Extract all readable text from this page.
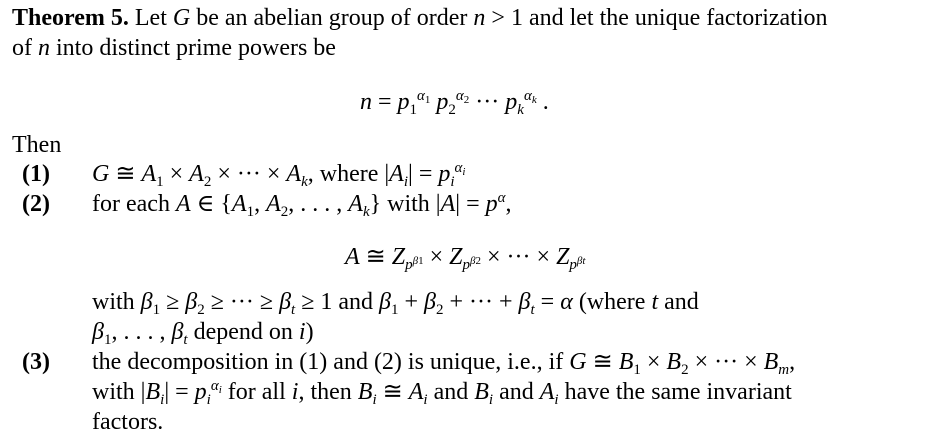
Theorem 5. Let G be an abelian group of order n > 1 and let the unique factorization
of n into distinct prime powers be
$n = p_1^{\alpha_1}$ $p_2^{\alpha_2}$ ··· $p_k^{\alpha_k}$ .
Then
(1) G ≅ $A_1 \times A_2$ × ··· × $A_k$, where $|A_i| = p_i^{\alpha_i}$
(2) for each A ∈ {$A_1$, $A_2$, . . . , $A_k$} with $|A| = p^\alpha$,
A ≅ $Z_{p^{\beta 1}} \times Z_{p^{\beta 2}}$ × ··· × $Z_{p^{\beta t}}$
with $\beta_1 \ge \beta_2$ ≥ ··· ≥ $\beta_t \ge 1$ and $\beta_1 + \beta_2$ + ··· + $\beta_t = \alpha$ (where t and
$\beta_1$, . . . , $\beta_t$ depend on i)
(3) the decomposition in (1) and (2) is unique, i.e., if G ≅ $B_1 \times B_2$ × ··· × $B_m$,
with $|B_i| = p_i^{\alpha_i}$ for all i, then $B_i$ ≅ $A_i$ and $B_i$ and $A_i$ have the same invariant
factors.
